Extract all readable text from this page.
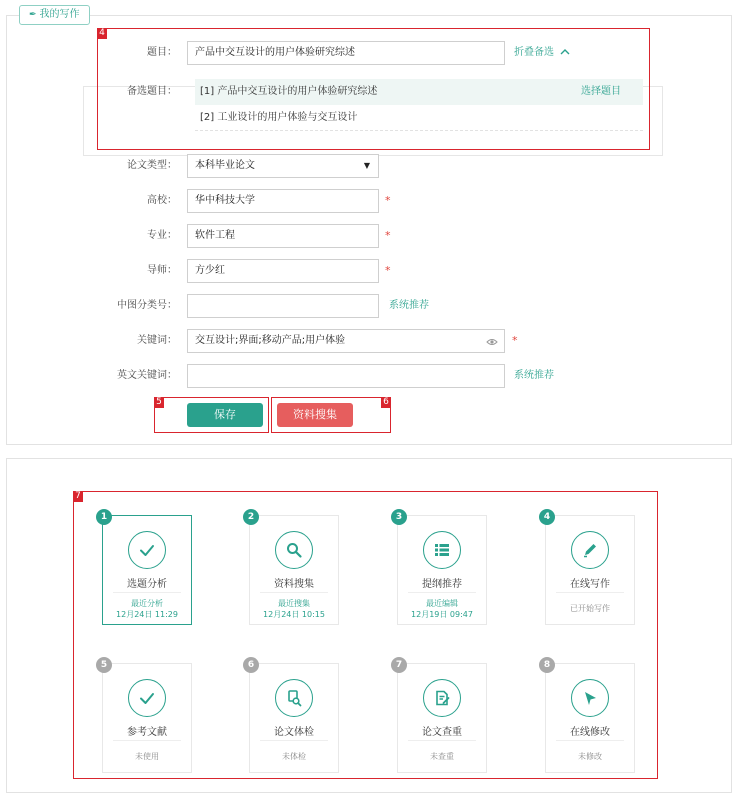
✒ 我的写作
题目：	产品中交互设计的用户体验研究综述	折叠备选
备选题目：	[1] 产品中交互设计的用户体验研究综述	选择题目
[2] 工业设计的用户体验与交互设计
论文类型：	本科毕业论文	▼
高校：	华中科技大学	*
专业：	软件工程	*
导师：	方少红	*
中图分类号：	系统推荐
关键词：	交互设计;界面;移动产品;用户体验	*
英文关键词：	系统推荐
保存	资料搜集
4
5	6
7
1
选题分析
最近分析
12月24日 11:29
2
资料搜集
最近搜集
12月24日 10:15
3
提纲推荐
最近编辑
12月19日 09:47
4
在线写作
已开始写作
5
参考文献
未使用
6
论文体检
未体检
7
论文查重
未查重
8
在线修改
未修改
